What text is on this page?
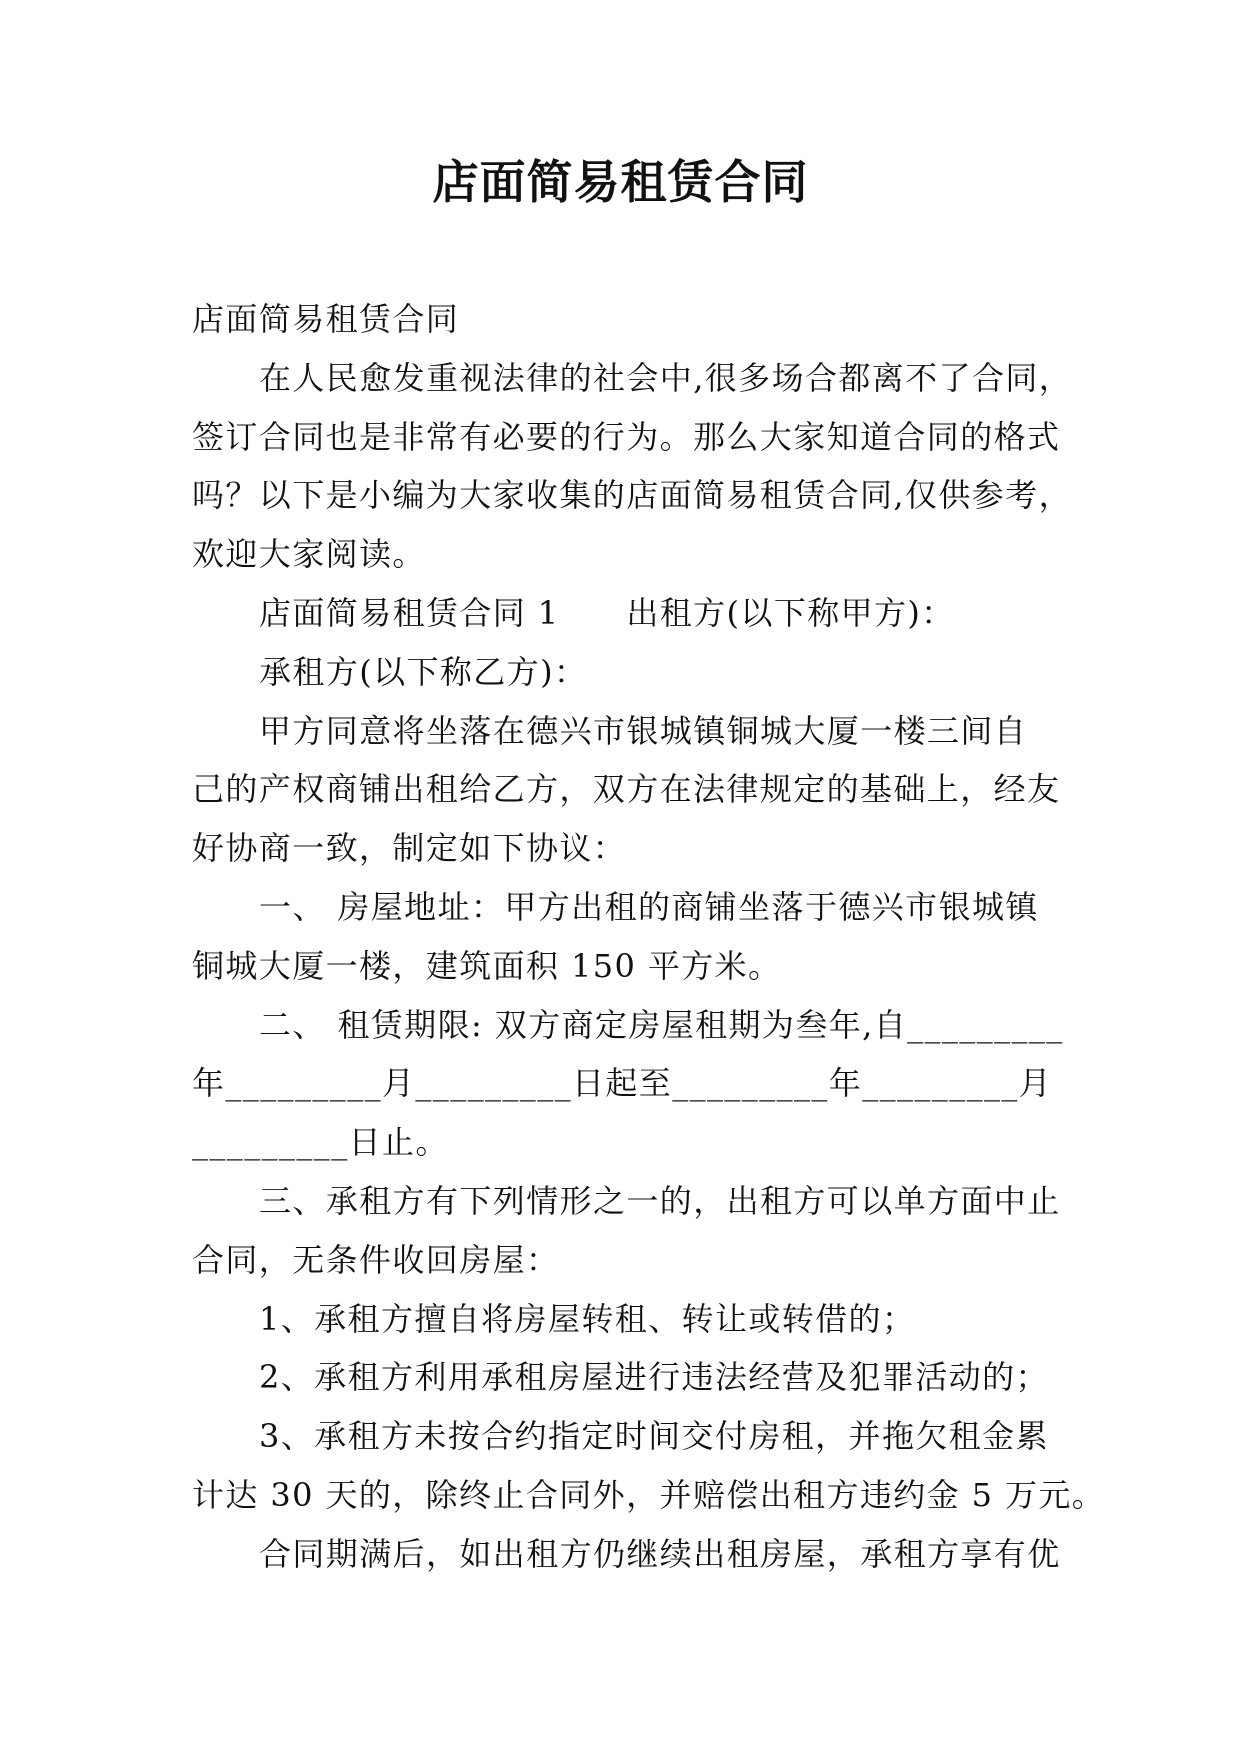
店面简易租赁合同
店面简易租赁合同
在人民愈发重视法律的社会中,很多场合都离不了合同，
签订合同也是非常有必要的行为。那么大家知道合同的格式
吗？以下是小编为大家收集的店面简易租赁合同,仅供参考，
欢迎大家阅读。
店面简易租赁合同 1　　出租方(以下称甲方)：
承租方(以下称乙方)：
甲方同意将坐落在德兴市银城镇铜城大厦一楼三间自
己的产权商铺出租给乙方，双方在法律规定的基础上，经友
好协商一致，制定如下协议：
一、 房屋地址：甲方出租的商铺坐落于德兴市银城镇
铜城大厦一楼，建筑面积 150 平方米。
二、 租赁期限: 双方商定房屋租期为叁年,自_________
年_________月_________日起至_________年_________月
_________日止。
三、承租方有下列情形之一的，出租方可以单方面中止
合同，无条件收回房屋：
1、承租方擅自将房屋转租、转让或转借的；
2、承租方利用承租房屋进行违法经营及犯罪活动的；
3、承租方未按合约指定时间交付房租，并拖欠租金累
计达 30 天的，除终止合同外，并赔偿出租方违约金 5 万元。
合同期满后，如出租方仍继续出租房屋，承租方享有优
